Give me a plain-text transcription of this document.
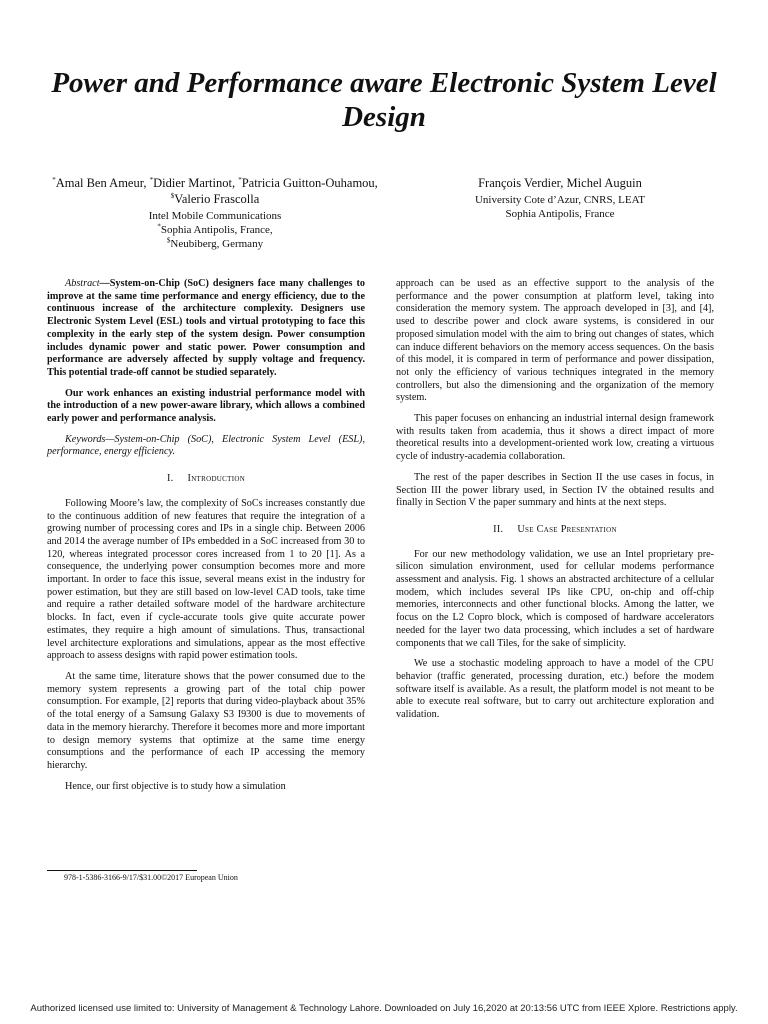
Power and Performance aware Electronic System Level Design
*Amal Ben Ameur, *Didier Martinot, *Patricia Guitton-Ouhamou, $Valerio Frascolla
Intel Mobile Communications
*Sophia Antipolis, France,
$Neubiberg, Germany
François Verdier, Michel Auguin
University Cote d’Azur, CNRS, LEAT
Sophia Antipolis, France

Abstract—System-on-Chip (SoC) designers face many challenges to improve at the same time performance and energy efficiency, due to the continuous increase of the architecture complexity. Designers use Electronic System Level (ESL) tools and virtual prototyping to face this complexity in the early step of the system design. Power consumption includes dynamic power and static power. Power consumption and performance are adversely affected by supply voltage and frequency. This potential trade-off cannot be studied separately.

Our work enhances an existing industrial performance model with the introduction of a new power-aware library, which allows a combined early power and performance analysis.

Keywords—System-on-Chip (SoC), Electronic System Level (ESL), performance, energy efficiency.

I. Introduction

Following Moore’s law, the complexity of SoCs increases constantly due to the continuous addition of new features that require the integration of a growing number of processing cores and IPs in a single chip. Between 2006 and 2014 the average number of IPs embedded in a SoC increased from 30 to 120, whereas integrated processor cores increased from 1 to 20 [1]. As a consequence, the underlying power consumption becomes more and more important. In order to face this issue, several means exist in the industry for power estimation, but they are still based on low-level CAD tools, take time and require a rather detailed software model of the hardware architecture blocks. In fact, even if cycle-accurate tools give quite accurate power estimates, they require a high amount of simulations. Thus, transactional level architecture explorations and simulations, appear as the most effective approach to assess designs with rapid power estimation tools.

At the same time, literature shows that the power consumed due to the memory system represents a growing part of the total chip power consumption. For example, [2] reports that during video-playback about 35% of the total energy of a Samsung Galaxy S3 I9300 is due to movements of data in the memory hierarchy. Therefore it becomes more and more important to design memory systems that optimize at the same time energy consumptions and the performance of each IP accessing the memory hierarchy.

Hence, our first objective is to study how a simulation

978-1-5386-3166-9/17/$31.00©2017 European Union

approach can be used as an effective support to the analysis of the performance and the power consumption at platform level, taking into consideration the memory system. The approach developed in [3], and [4], used to describe power and clock aware systems, is considered in our proposed simulation model with the aim to bring out changes of states, which can induce different behaviors on the memory access sequences. On the basis of this model, it is compared in term of performance and power dissipation, not only the efficiency of various techniques integrated in the memory controllers, but also the dimensioning and the organization of the memory system.

This paper focuses on enhancing an industrial internal design framework with results taken from academia, thus it shows a direct impact of more theoretical results into a development-oriented work low, creating a virtuous cycle of industry-academia collaboration.

The rest of the paper describes in Section II the use cases in focus, in Section III the power library used, in Section IV the obtained results and finally in Section V the paper summary and hints at the next steps.

II. Use Case Presentation

For our new methodology validation, we use an Intel proprietary pre-silicon simulation environment, used for cellular modems performance assessment and analysis. Fig. 1 shows an abstracted architecture of a cellular modem, which includes several IPs like CPU, on-chip and off-chip memories, interconnects and other functional blocks. Among the latter, we focus on the L2 Copro block, which is composed of hardware accelerators needed for the layer two data processing, which includes a set of hardware components that we call Tiles, for the sake of simplicity.

We use a stochastic modeling approach to have a model of the CPU behavior (traffic generated, processing duration, etc.) before the modem software itself is available. As a result, the platform model is not meant to be able to execute real software, but to carry out architecture exploration and validation.

Authorized licensed use limited to: University of Management & Technology Lahore. Downloaded on July 16,2020 at 20:13:56 UTC from IEEE Xplore. Restrictions apply.
